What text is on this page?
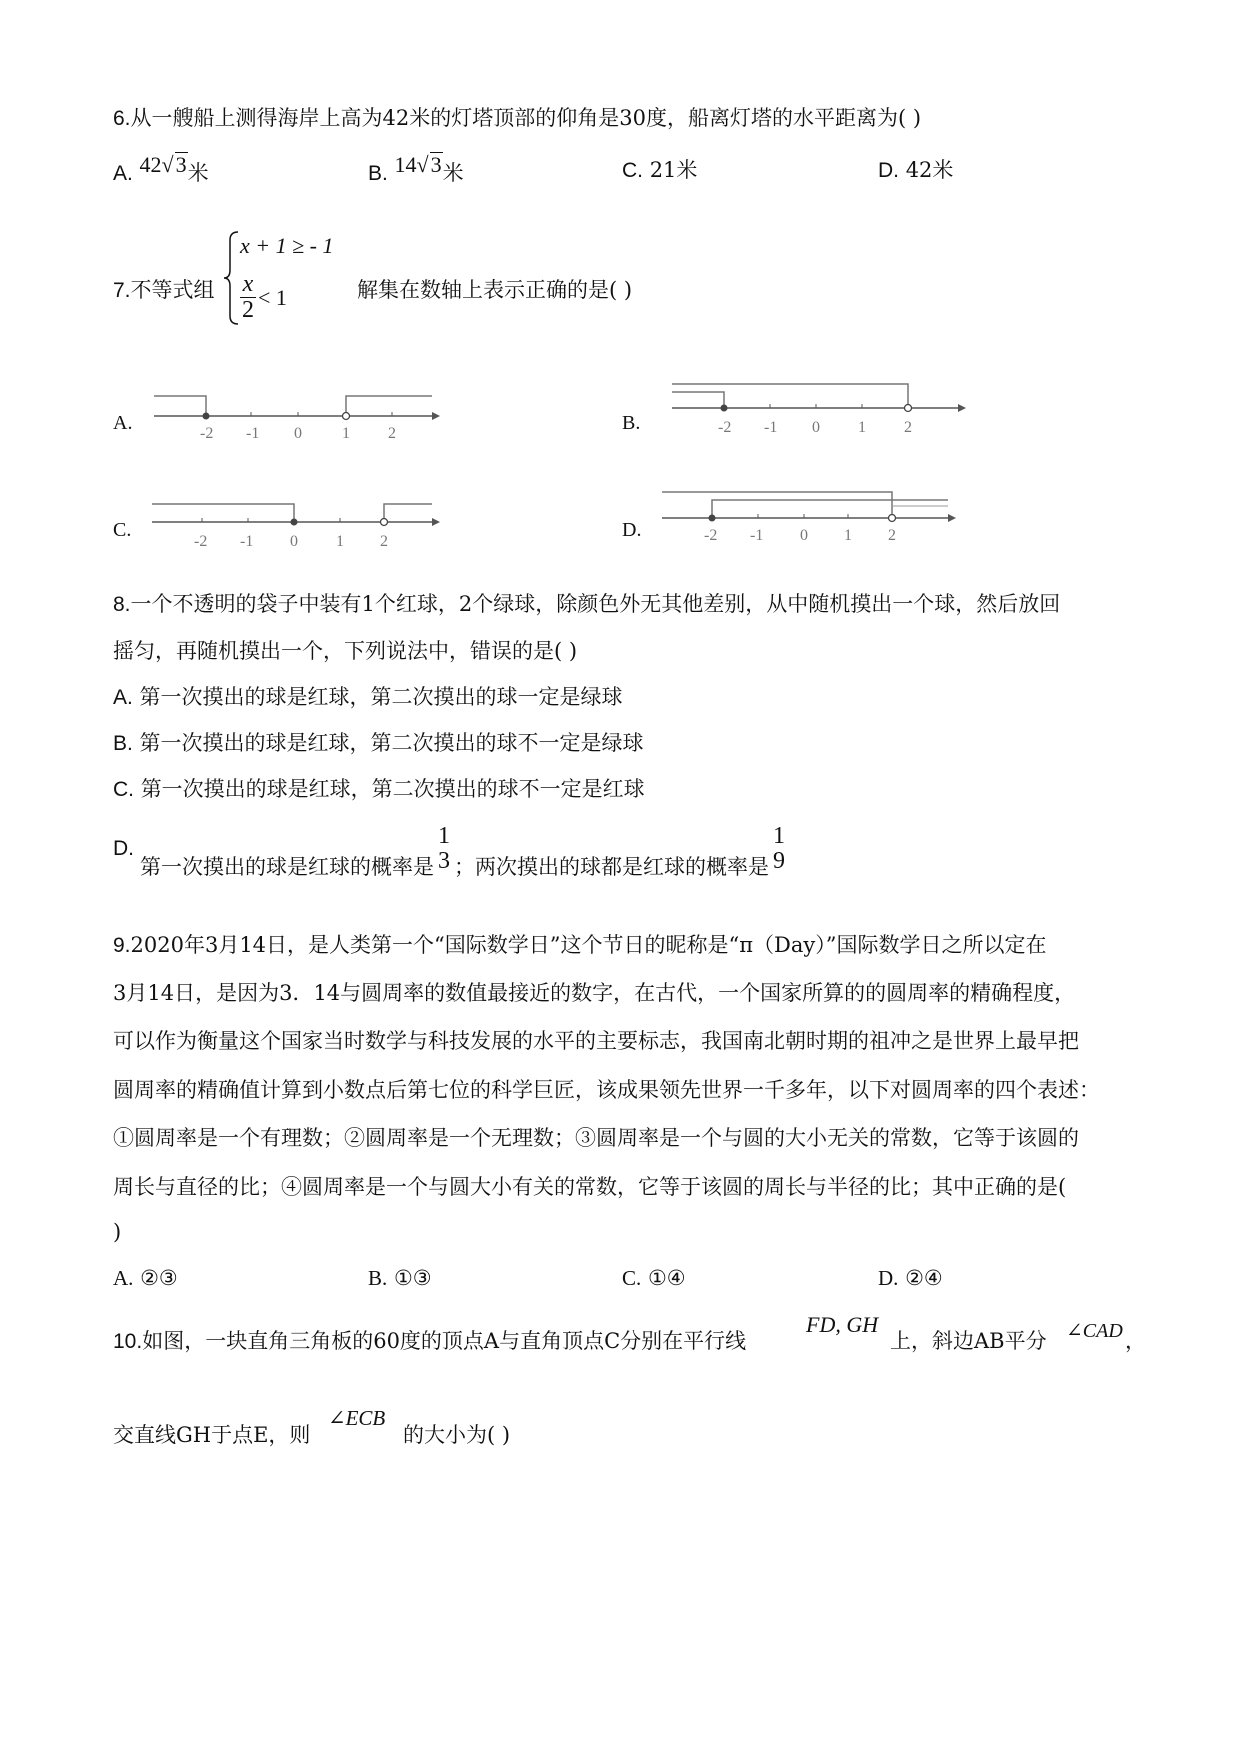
6.从一艘船上测得海岸上高为42米的灯塔顶部的仰角是30度，船离灯塔的水平距离为( )
A. 42√3米	B. 14√3米	C. 21米	D. 42米
7.不等式组
x + 1 ≥ - 1
$\frac{x}{2} < 1$	解集在数轴上表示正确的是( )
A.	-2 -1 0	1 2	B.	-2 -1 0 1 2
C.
-2 -1 0 1 2
D.	-2 -1 0 1 2
8.一个不透明的袋子中装有1个红球，2个绿球，除颜色外无其他差别，从中随机摸出一个球，然后放回
摇匀，再随机摸出一个，下列说法中，错误的是( )
A. 第一次摸出的球是红球，第二次摸出的球一定是绿球
B. 第一次摸出的球是红球，第二次摸出的球不一定是绿球
C. 第一次摸出的球是红球，第二次摸出的球不一定是红球
D.
第一次摸出的球是红球的概率是
1
3 ；两次摸出的球都是红球的概率是
1
9
9.2020年3月14日，是人类第一个“国际数学日”这个节日的昵称是“π（Day）”国际数学日之所以定在
3月14日，是因为3．14与圆周率的数值最接近的数字，在古代，一个国家所算的的圆周率的精确程度，
可以作为衡量这个国家当时数学与科技发展的水平的主要标志，我国南北朝时期的祖冲之是世界上最早把
圆周率的精确值计算到小数点后第七位的科学巨匠，该成果领先世界一千多年，以下对圆周率的四个表述：
①圆周率是一个有理数；②圆周率是一个无理数；③圆周率是一个与圆的大小无关的常数，它等于该圆的
周长与直径的比；④圆周率是一个与圆大小有关的常数，它等于该圆的周长与半径的比；其中正确的是(
)
A. ②③	B. ①③	C. ①④	D. ②④
10.如图，一块直角三角板的60度的顶点A与直角顶点C分别在平行线
FD, GH
上，斜边AB平分 ∠CAD ，
交直线GH于点E，则
∠ECB
的大小为( )
